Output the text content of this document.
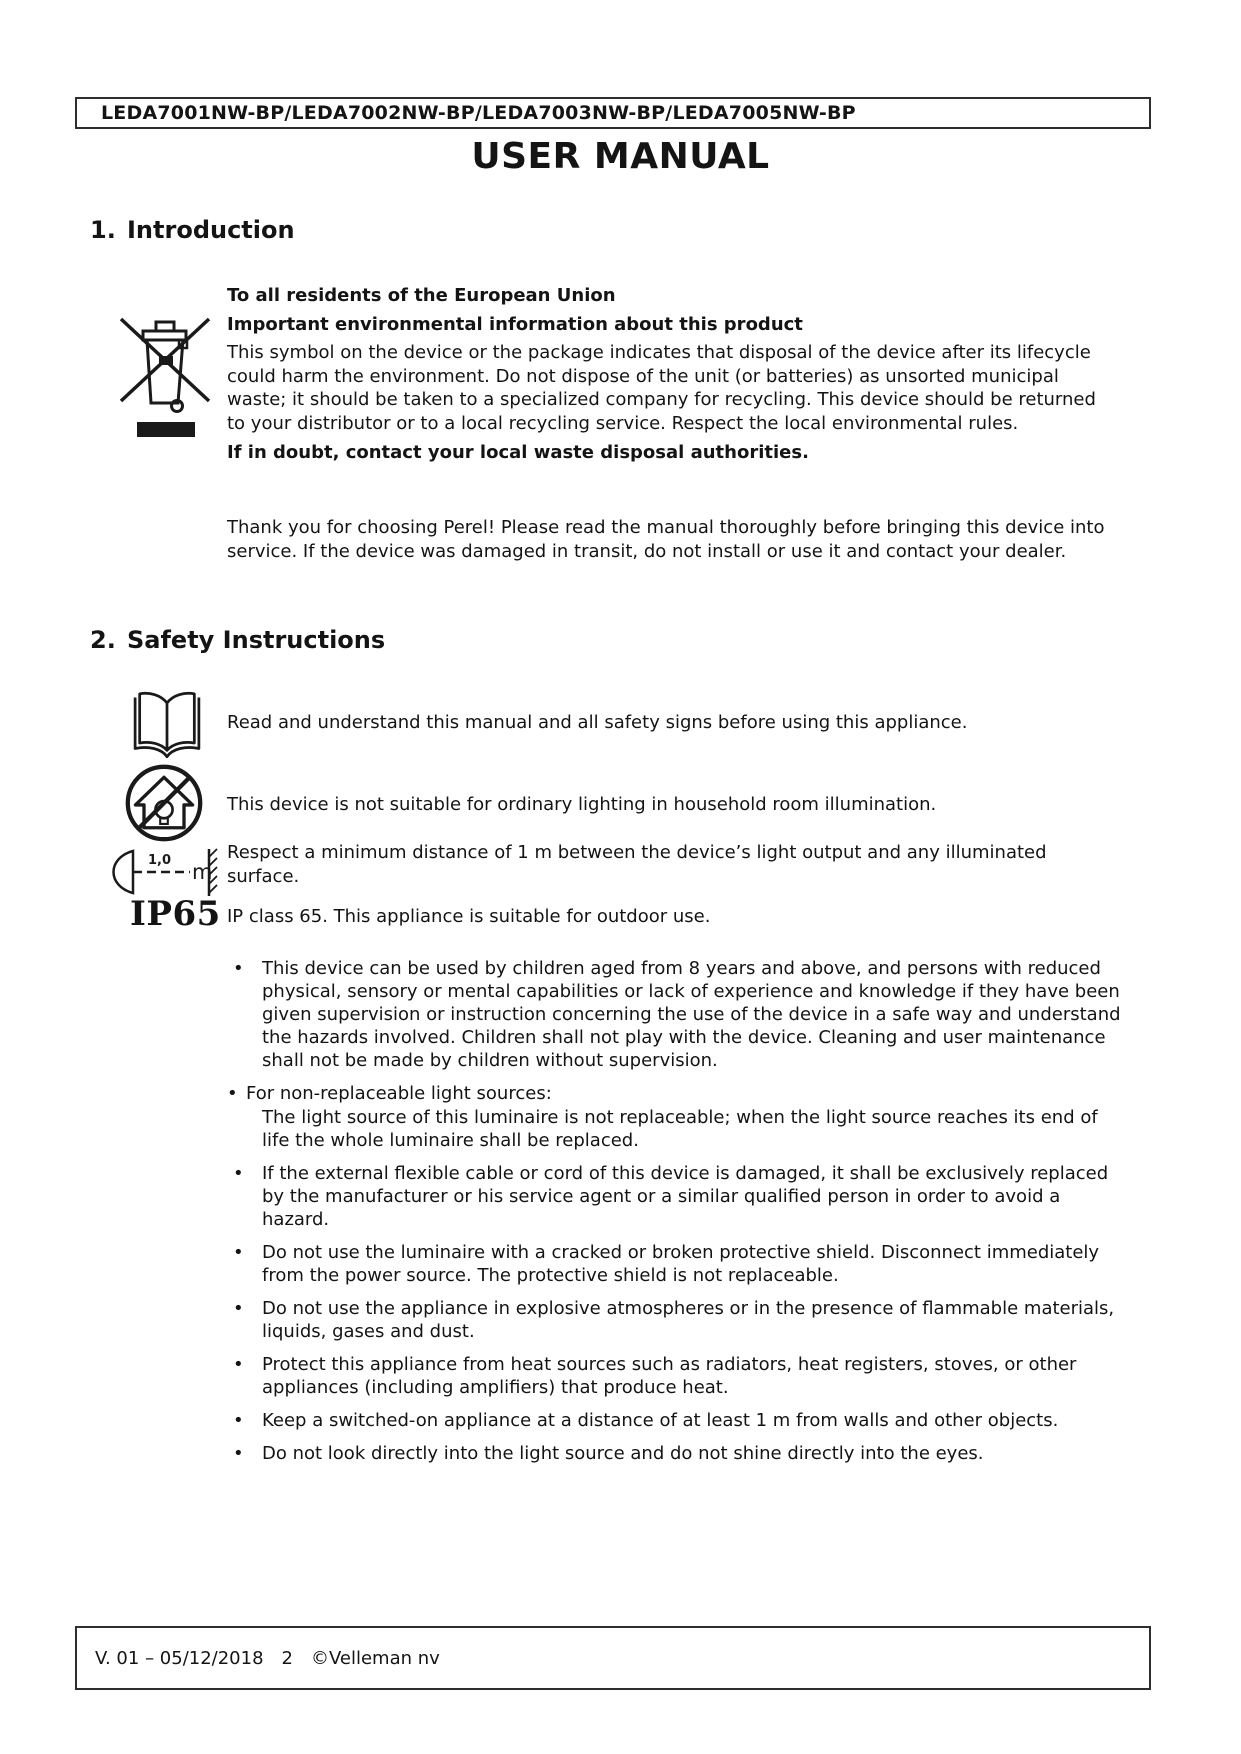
LEDA7001NW-BP/LEDA7002NW-BP/LEDA7003NW-BP/LEDA7005NW-BP
USER MANUAL
1. Introduction

To all residents of the European Union

Important environmental information about this product

This symbol on the device or the package indicates that disposal of the device after its lifecycle could harm the environment. Do not dispose of the unit (or batteries) as unsorted municipal waste; it should be taken to a specialized company for recycling. This device should be returned to your distributor or to a local recycling service. Respect the local environmental rules.

If in doubt, contact your local waste disposal authorities.

Thank you for choosing Perel! Please read the manual thoroughly before bringing this device into service. If the device was damaged in transit, do not install or use it and contact your dealer.
2. Safety Instructions
Read and understand this manual and all safety signs before using this appliance.
This device is not suitable for ordinary lighting in household room illumination.
1,0 m
Respect a minimum distance of 1 m between the device’s light output and any illuminated surface.
IP65 IP class 65. This appliance is suitable for outdoor use.
•	This device can be used by children aged from 8 years and above, and persons with reduced physical, sensory or mental capabilities or lack of experience and knowledge if they have been given supervision or instruction concerning the use of the device in a safe way and understand the hazards involved. Children shall not play with the device. Cleaning and user maintenance shall not be made by children without supervision.
• For non-replaceable light sources:
The light source of this luminaire is not replaceable; when the light source reaches its end of life the whole luminaire shall be replaced.
•	If the external flexible cable or cord of this device is damaged, it shall be exclusively replaced by the manufacturer or his service agent or a similar qualified person in order to avoid a hazard.
•	Do not use the luminaire with a cracked or broken protective shield. Disconnect immediately from the power source. The protective shield is not replaceable.
•	Do not use the appliance in explosive atmospheres or in the presence of flammable materials, liquids, gases and dust.
•	Protect this appliance from heat sources such as radiators, heat registers, stoves, or other appliances (including amplifiers) that produce heat.
•	Keep a switched-on appliance at a distance of at least 1 m from walls and other objects.
•	Do not look directly into the light source and do not shine directly into the eyes.
V. 01 – 05/12/2018 2 ©Velleman nv
